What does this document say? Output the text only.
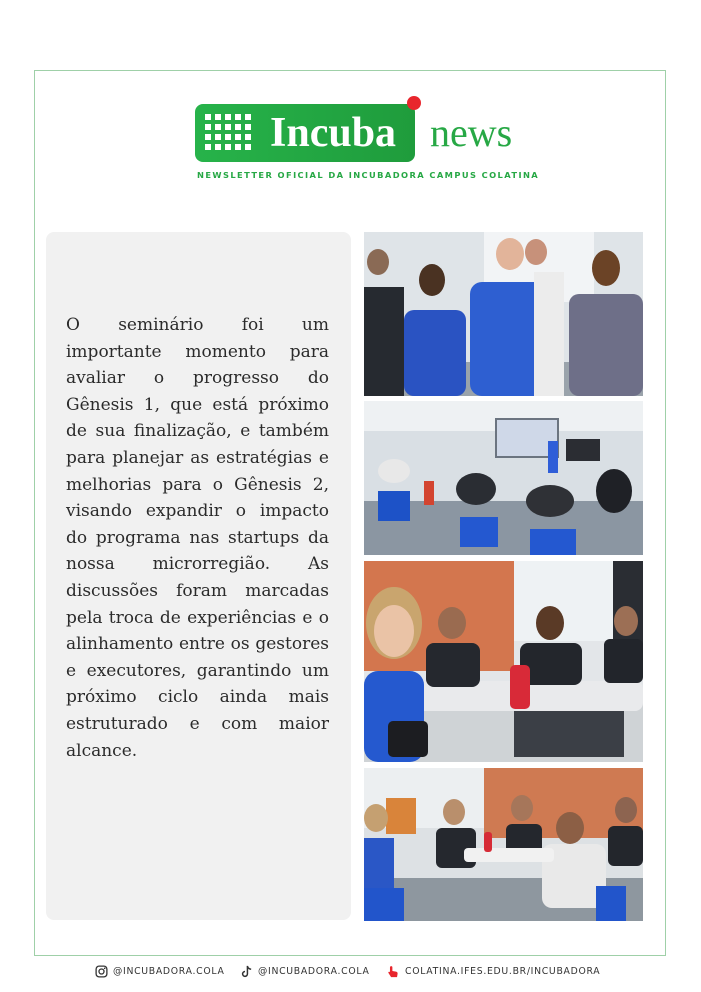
Incuba news
NEWSLETTER OFICIAL DA INCUBADORA CAMPUS COLATINA

O seminário foi um importante momento para avaliar o progresso do Gênesis 1, que está próximo de sua finalização, e também para planejar as estratégias e melhorias para o Gênesis 2, visando expandir o impacto do programa nas startups da nossa microrregião. As discussões foram marcadas pela troca de experiências e o alinhamento entre os gestores e executores, garantindo um próximo ciclo ainda mais estruturado e com maior alcance.

@INCUBADORA.COLA	@INCUBADORA.COLA	COLATINA.IFES.EDU.BR/INCUBADORA
